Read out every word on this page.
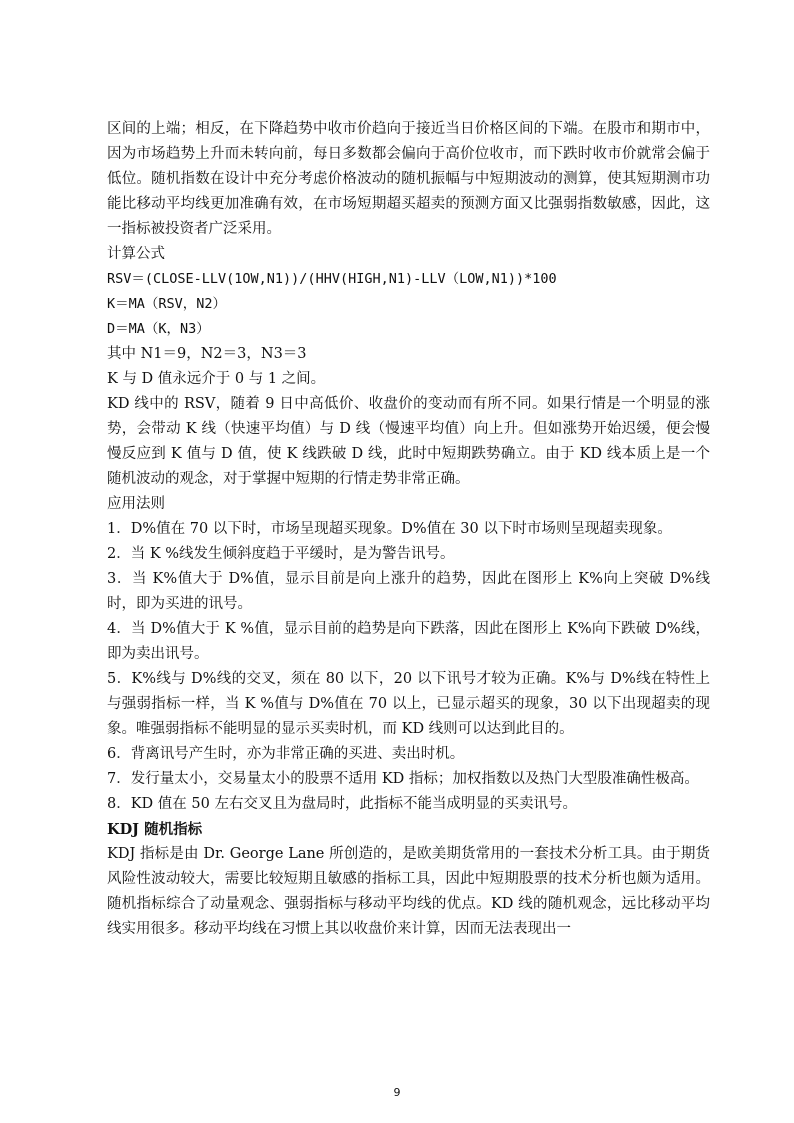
区间的上端；相反，在下降趋势中收市价趋向于接近当日价格区间的下端。在股市和期市中，因为市场趋势上升而未转向前，每日多数都会偏向于高价位收市，而下跌时收市价就常会偏于低位。随机指数在设计中充分考虑价格波动的随机振幅与中短期波动的测算，使其短期测市功能比移动平均线更加准确有效，在市场短期超买超卖的预测方面又比强弱指数敏感，因此，这一指标被投资者广泛采用。

计算公式

RSV＝(CLOSE-LLV(1OW,N1))/(HHV(HIGH,N1)-LLV（LOW,N1))*100

K＝MA（RSV，N2）

D＝MA（K，N3）

其中 N1＝9，N2＝3，N3＝3

K 与 D 值永远介于 0 与 1 之间。

KD 线中的 RSV，随着 9 日中高低价、收盘价的变动而有所不同。如果行情是一个明显的涨势，会带动 K 线（快速平均值）与 D 线（慢速平均值）向上升。但如涨势开始迟缓，便会慢慢反应到 K 值与 D 值，使 K 线跌破 D 线，此时中短期跌势确立。由于 KD 线本质上是一个随机波动的观念，对于掌握中短期的行情走势非常正确。

应用法则

1．D%值在 70 以下时，市场呈现超买现象。D%值在 30 以下时市场则呈现超卖现象。

2．当 K %线发生倾斜度趋于平缓时，是为警告讯号。

3．当 K%值大于 D%值，显示目前是向上涨升的趋势，因此在图形上 K%向上突破 D%线时，即为买进的讯号。

4．当 D%值大于 K %值，显示目前的趋势是向下跌落，因此在图形上 K%向下跌破 D%线，即为卖出讯号。

5．K%线与 D%线的交叉，须在 80 以下，20 以下讯号才较为正确。K%与 D%线在特性上与强弱指标一样，当 K %值与 D%值在 70 以上，已显示超买的现象，30 以下出现超卖的现象。唯强弱指标不能明显的显示买卖时机，而 KD 线则可以达到此目的。

6．背离讯号产生时，亦为非常正确的买进、卖出时机。

7．发行量太小，交易量太小的股票不适用 KD 指标；加权指数以及热门大型股准确性极高。

8．KD 值在 50 左右交叉且为盘局时，此指标不能当成明显的买卖讯号。

KDJ 随机指标

KDJ 指标是由 Dr. George Lane 所创造的，是欧美期货常用的一套技术分析工具。由于期货风险性波动较大，需要比较短期且敏感的指标工具，因此中短期股票的技术分析也颇为适用。随机指标综合了动量观念、强弱指标与移动平均线的优点。KD 线的随机观念，远比移动平均线实用很多。移动平均线在习惯上其以收盘价来计算，因而无法表现出一

9
